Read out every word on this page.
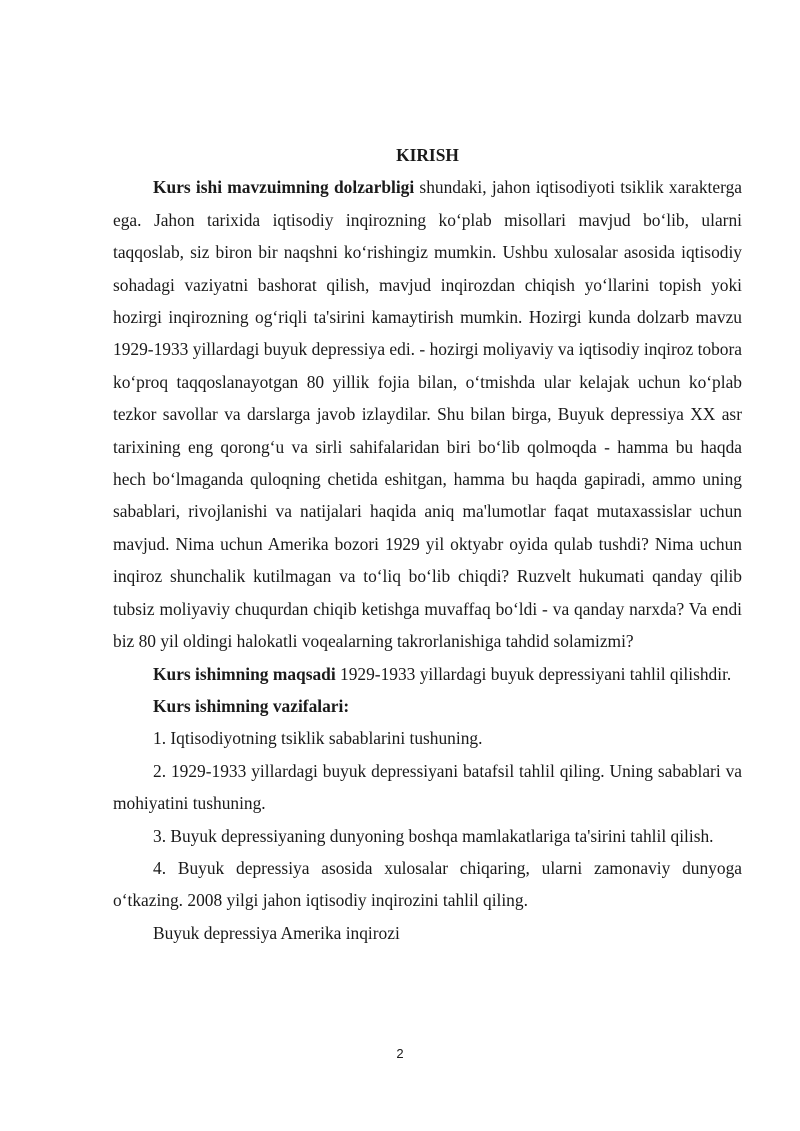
KIRISH

Kurs ishi mavzuimning dolzarbligi shundaki, jahon iqtisodiyoti tsiklik xarakterga ega. Jahon tarixida iqtisodiy inqirozning ko‘plab misollari mavjud bo‘lib, ularni taqqoslab, siz biron bir naqshni ko‘rishingiz mumkin. Ushbu xulosalar asosida iqtisodiy sohadagi vaziyatni bashorat qilish, mavjud inqirozdan chiqish yo‘llarini topish yoki hozirgi inqirozning og‘riqli ta'sirini kamaytirish mumkin. Hozirgi kunda dolzarb mavzu 1929-1933 yillardagi buyuk depressiya edi. - hozirgi moliyaviy va iqtisodiy inqiroz tobora ko‘proq taqqoslanayotgan 80 yillik fojia bilan, o‘tmishda ular kelajak uchun ko‘plab tezkor savollar va darslarga javob izlaydilar. Shu bilan birga, Buyuk depressiya XX asr tarixining eng qorong‘u va sirli sahifalaridan biri bo‘lib qolmoqda - hamma bu haqda hech bo‘lmaganda quloqning chetida eshitgan, hamma bu haqda gapiradi, ammo uning sabablari, rivojlanishi va natijalari haqida aniq ma'lumotlar faqat mutaxassislar uchun mavjud. Nima uchun Amerika bozori 1929 yil oktyabr oyida qulab tushdi? Nima uchun inqiroz shunchalik kutilmagan va to‘liq bo‘lib chiqdi? Ruzvelt hukumati qanday qilib tubsiz moliyaviy chuqurdan chiqib ketishga muvaffaq bo‘ldi - va qanday narxda? Va endi biz 80 yil oldingi halokatli voqealarning takrorlanishiga tahdid solamizmi?

Kurs ishimning maqsadi 1929-1933 yillardagi buyuk depressiyani tahlil qilishdir.

Kurs ishimning vazifalari:

1. Iqtisodiyotning tsiklik sabablarini tushuning.

2. 1929-1933 yillardagi buyuk depressiyani batafsil tahlil qiling. Uning sabablari va mohiyatini tushuning.

3. Buyuk depressiyaning dunyoning boshqa mamlakatlariga ta'sirini tahlil qilish.

4. Buyuk depressiya asosida xulosalar chiqaring, ularni zamonaviy dunyoga o‘tkazing. 2008 yilgi jahon iqtisodiy inqirozini tahlil qiling.

Buyuk depressiya Amerika inqirozi

2
